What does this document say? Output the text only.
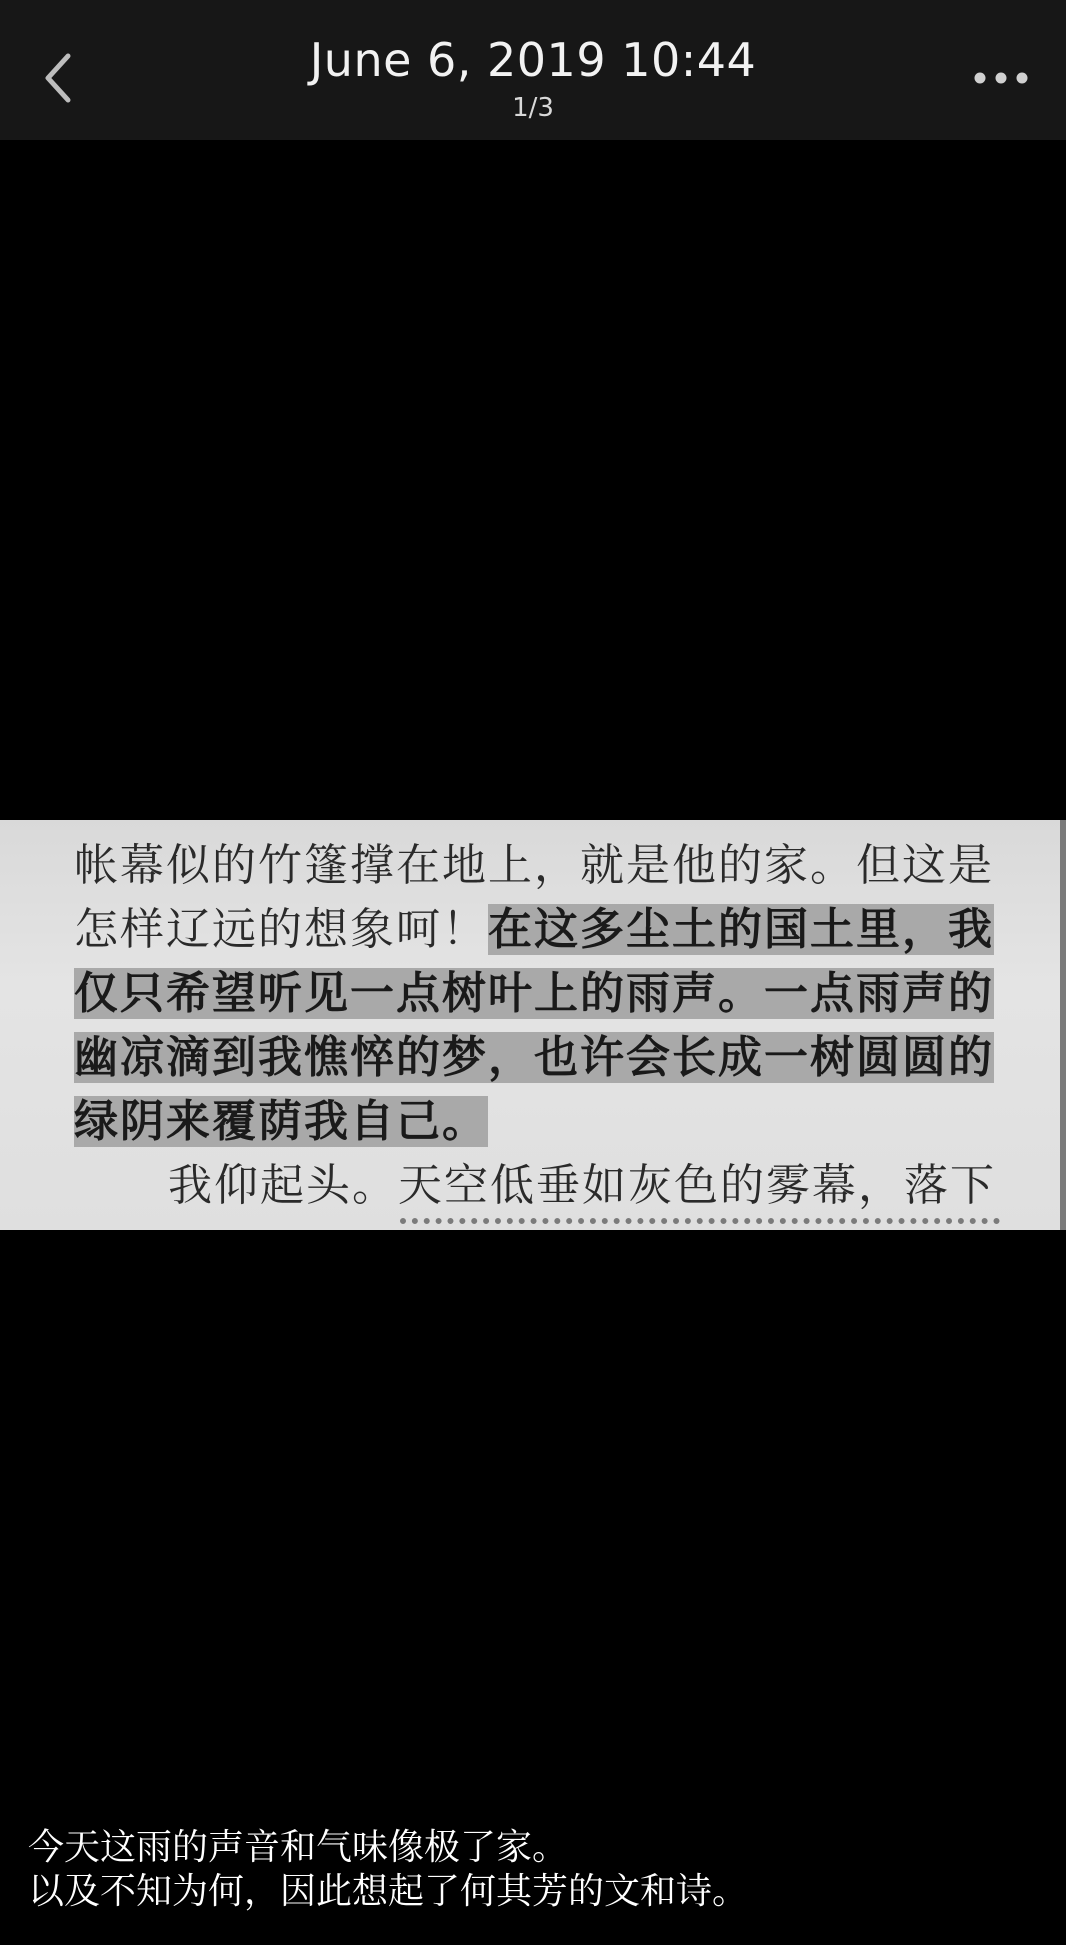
June 6, 2019 10:44
1/3
帐幕似的竹篷撑在地上，就是他的家。但这是
怎样辽远的想象呵！在这多尘土的国土里，我
仅只希望听见一点树叶上的雨声。一点雨声的
幽凉滴到我憔悴的梦，也许会长成一树圆圆的
绿阴来覆荫我自己。
我仰起头。天空低垂如灰色的雾幕，落下
今天这雨的声音和气味像极了家。
以及不知为何，因此想起了何其芳的文和诗。
